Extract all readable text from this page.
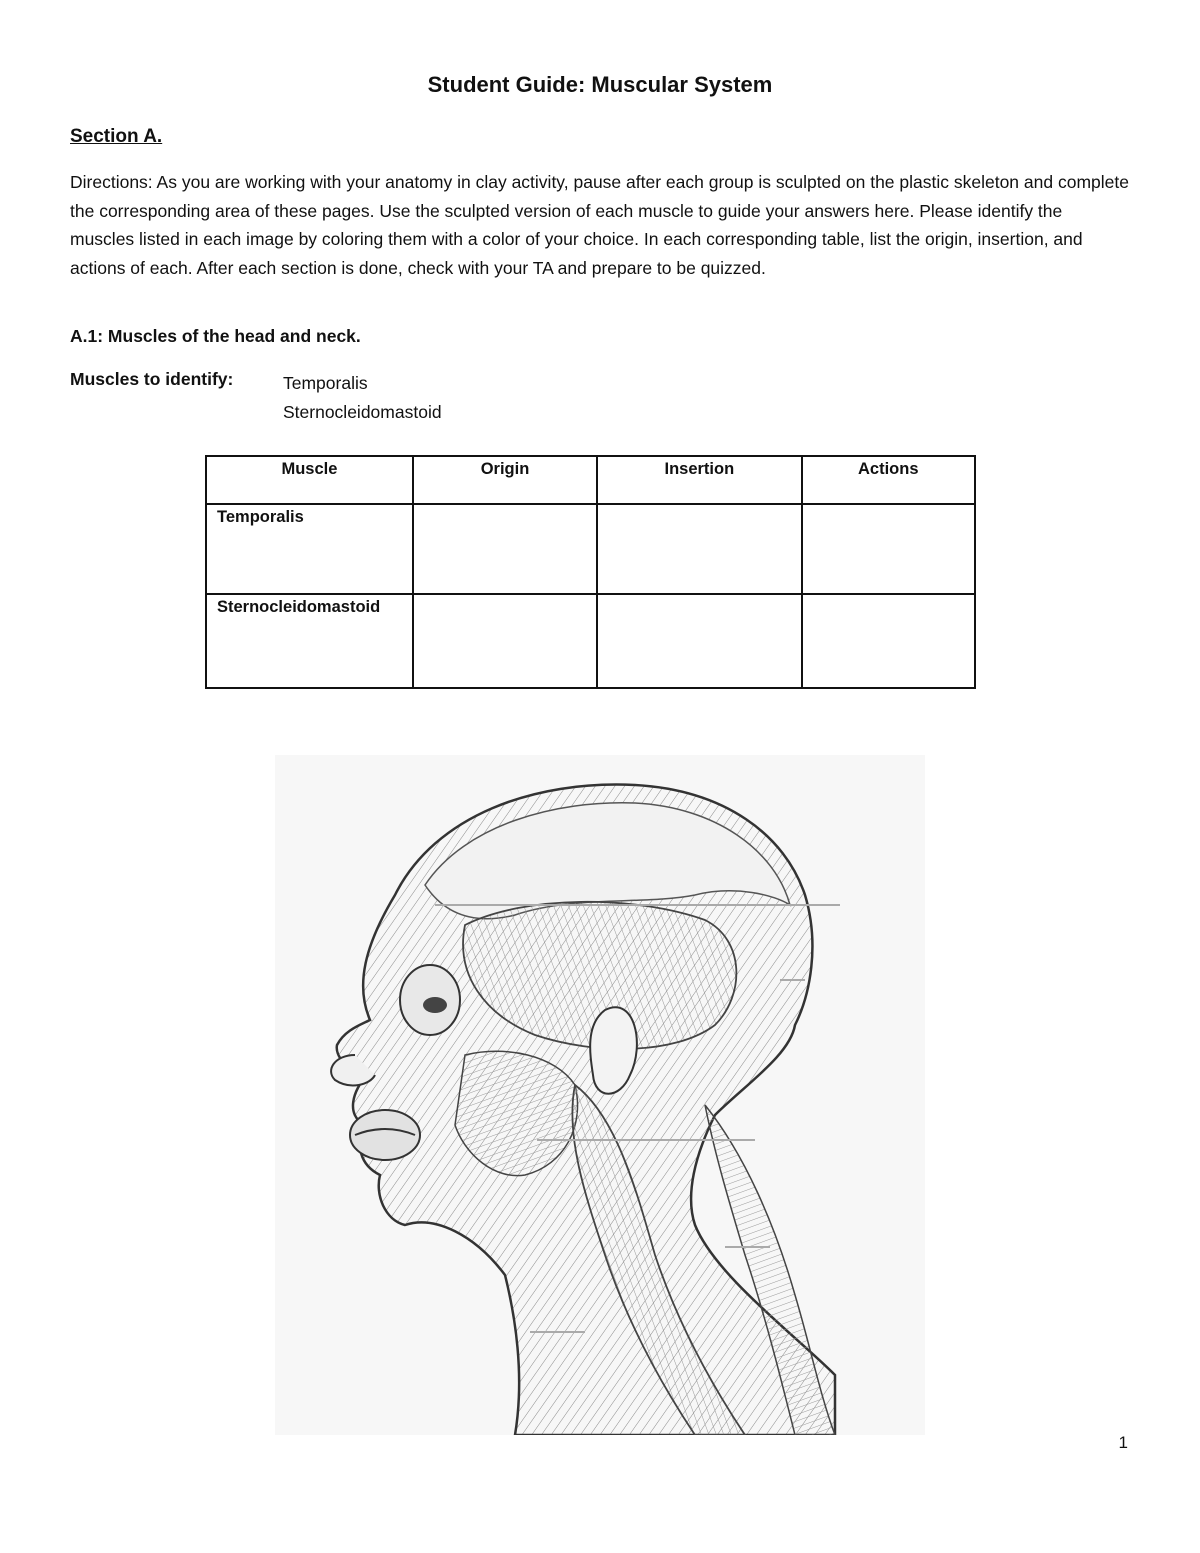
Student Guide: Muscular System
Section A.
Directions: As you are working with your anatomy in clay activity, pause after each group is sculpted on the plastic skeleton and complete the corresponding area of these pages. Use the sculpted version of each muscle to guide your answers here. Please identify the muscles listed in each image by coloring them with a color of your choice. In each corresponding table, list the origin, insertion, and actions of each. After each section is done, check with your TA and prepare to be quizzed.
A.1: Muscles of the head and neck.
Muscles to identify:	Temporalis
Sternocleidomastoid
Muscle	Origin	Insertion	Actions
Temporalis			
Sternocleidomastoid			
1
